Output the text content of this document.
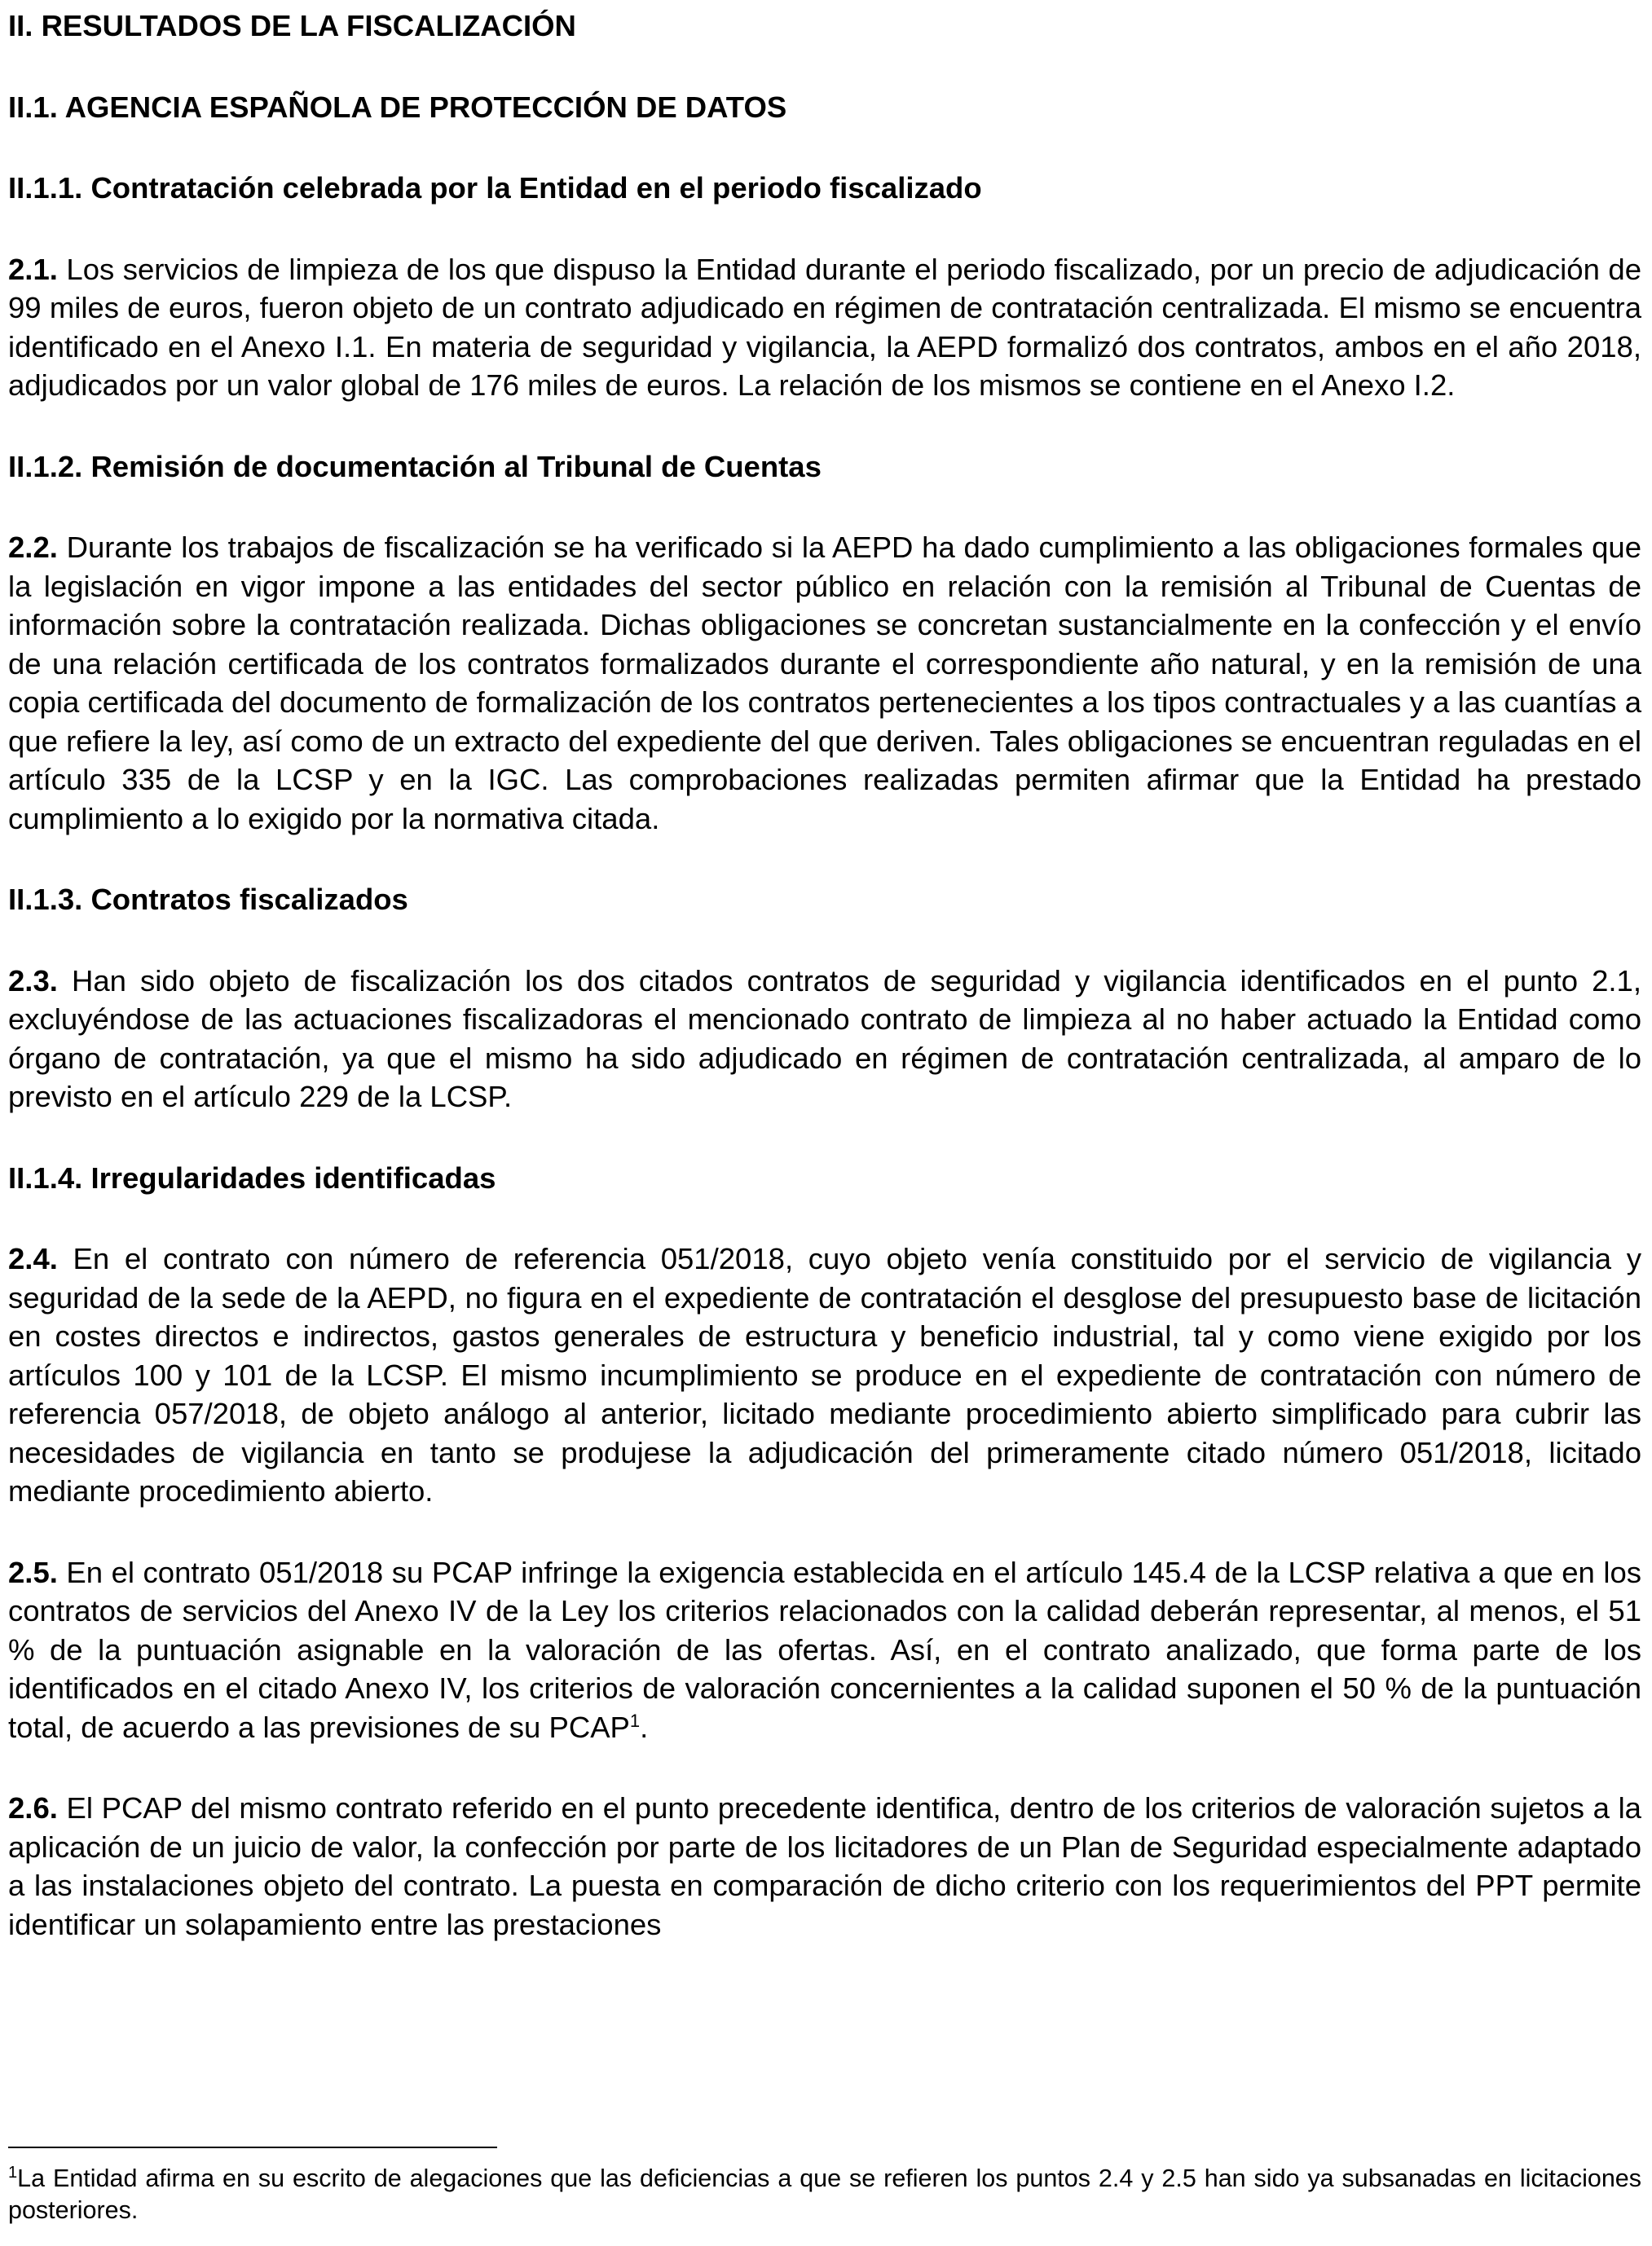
II. RESULTADOS DE LA FISCALIZACIÓN

II.1. AGENCIA ESPAÑOLA DE PROTECCIÓN DE DATOS

II.1.1. Contratación celebrada por la Entidad en el periodo fiscalizado

2.1. Los servicios de limpieza de los que dispuso la Entidad durante el periodo fiscalizado, por un precio de adjudicación de 99 miles de euros, fueron objeto de un contrato adjudicado en régimen de contratación centralizada. El mismo se encuentra identificado en el Anexo I.1. En materia de seguridad y vigilancia, la AEPD formalizó dos contratos, ambos en el año 2018, adjudicados por un valor global de 176 miles de euros. La relación de los mismos se contiene en el Anexo I.2.

II.1.2. Remisión de documentación al Tribunal de Cuentas

2.2. Durante los trabajos de fiscalización se ha verificado si la AEPD ha dado cumplimiento a las obligaciones formales que la legislación en vigor impone a las entidades del sector público en relación con la remisión al Tribunal de Cuentas de información sobre la contratación realizada. Dichas obligaciones se concretan sustancialmente en la confección y el envío de una relación certificada de los contratos formalizados durante el correspondiente año natural, y en la remisión de una copia certificada del documento de formalización de los contratos pertenecientes a los tipos contractuales y a las cuantías a que refiere la ley, así como de un extracto del expediente del que deriven. Tales obligaciones se encuentran reguladas en el artículo 335 de la LCSP y en la IGC. Las comprobaciones realizadas permiten afirmar que la Entidad ha prestado cumplimiento a lo exigido por la normativa citada.

II.1.3. Contratos fiscalizados

2.3. Han sido objeto de fiscalización los dos citados contratos de seguridad y vigilancia identificados en el punto 2.1, excluyéndose de las actuaciones fiscalizadoras el mencionado contrato de limpieza al no haber actuado la Entidad como órgano de contratación, ya que el mismo ha sido adjudicado en régimen de contratación centralizada, al amparo de lo previsto en el artículo 229 de la LCSP.

II.1.4. Irregularidades identificadas

2.4. En el contrato con número de referencia 051/2018, cuyo objeto venía constituido por el servicio de vigilancia y seguridad de la sede de la AEPD, no figura en el expediente de contratación el desglose del presupuesto base de licitación en costes directos e indirectos, gastos generales de estructura y beneficio industrial, tal y como viene exigido por los artículos 100 y 101 de la LCSP. El mismo incumplimiento se produce en el expediente de contratación con número de referencia 057/2018, de objeto análogo al anterior, licitado mediante procedimiento abierto simplificado para cubrir las necesidades de vigilancia en tanto se produjese la adjudicación del primeramente citado número 051/2018, licitado mediante procedimiento abierto.

2.5. En el contrato 051/2018 su PCAP infringe la exigencia establecida en el artículo 145.4 de la LCSP relativa a que en los contratos de servicios del Anexo IV de la Ley los criterios relacionados con la calidad deberán representar, al menos, el 51 % de la puntuación asignable en la valoración de las ofertas. Así, en el contrato analizado, que forma parte de los identificados en el citado Anexo IV, los criterios de valoración concernientes a la calidad suponen el 50 % de la puntuación total, de acuerdo a las previsiones de su PCAP$^1$.

2.6. El PCAP del mismo contrato referido en el punto precedente identifica, dentro de los criterios de valoración sujetos a la aplicación de un juicio de valor, la confección por parte de los licitadores de un Plan de Seguridad especialmente adaptado a las instalaciones objeto del contrato. La puesta en comparación de dicho criterio con los requerimientos del PPT permite identificar un solapamiento entre las prestaciones

$^1$La Entidad afirma en su escrito de alegaciones que las deficiencias a que se refieren los puntos 2.4 y 2.5 han sido ya subsanadas en licitaciones posteriores.
